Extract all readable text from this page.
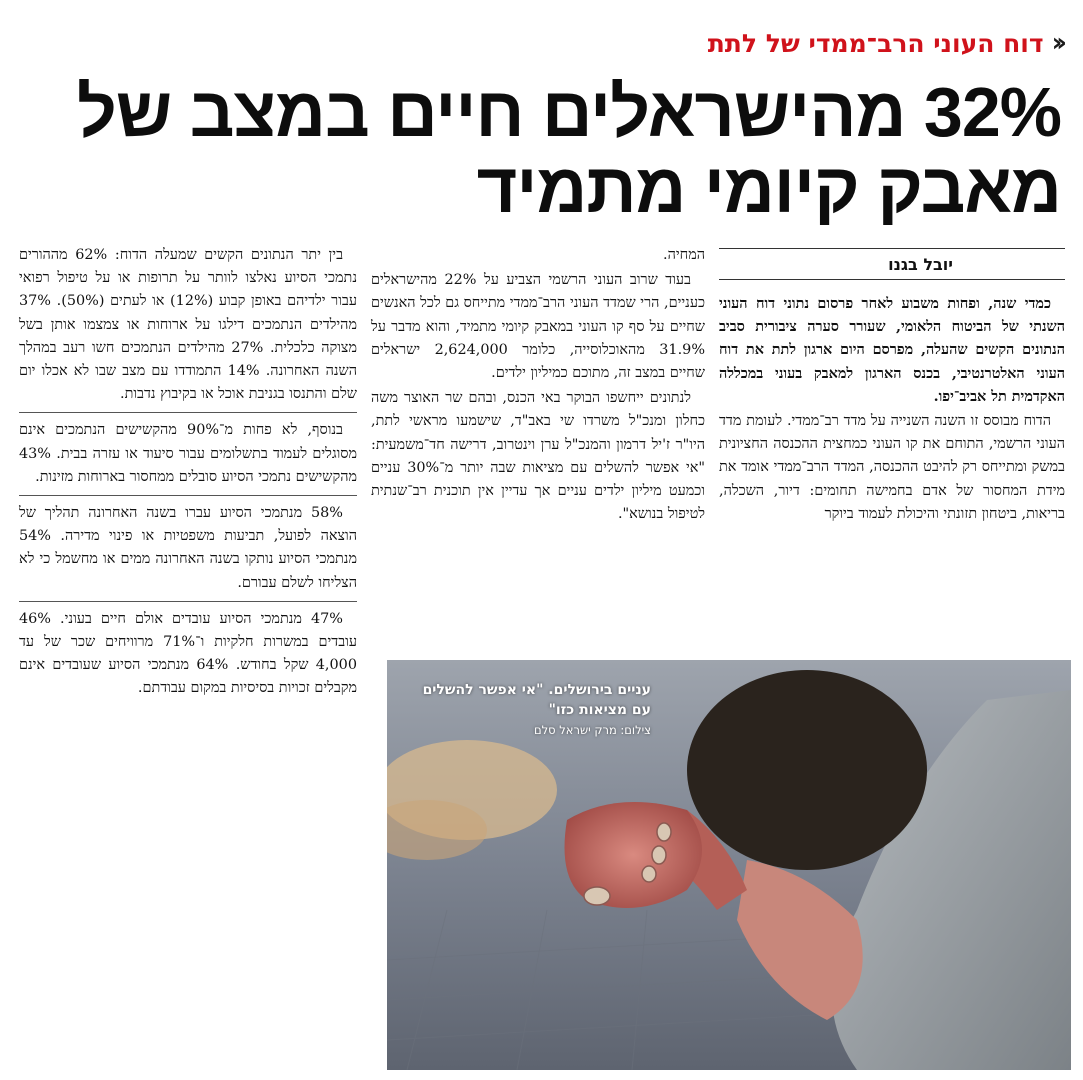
‹‹
דוח העוני הרב־ממדי של לתת
32% מהישראלים חיים במצב של
מאבק קיומי מתמיד
יובל בגנו

כמדי שנה, ופחות משבוע לאחר פרסום נתוני דוח העוני השנתי של הביטוח הלאומי, שעורר סערה ציבורית סביב הנתונים הקשים שהעלה, מפרסם היום ארגון לתת את דוח העוני האלטרנטיבי, בכנס הארגון למאבק בעוני במכללה האקדמית תל אביב־יפו.

הדוח מבוסס זו השנה השנייה על מדד רב־ממדי. לעומת מדד העוני הרשמי, התוחם את קו העוני כמחצית ההכנסה החציונית במשק ומתייחס רק להיבט ההכנסה, המדד הרב־ממדי אומד את מידת המחסור של אדם בחמישה תחומים: דיור, השכלה, בריאות, ביטחון תזונתי והיכולת לעמוד ביוקר

המחיה.

בעוד שרוב העוני הרשמי הצביע על 22% מהישראלים כעניים, הרי שמדד העוני הרב־ממדי מתייחס גם לכל האנשים שחיים על סף קו העוני במאבק קיומי מתמיד, והוא מדבר על 31.9% מהאוכלוסייה, כלומר 2,624,000 ישראלים שחיים במצב זה, מתוכם כמיליון ילדים.

לנתונים ייחשפו הבוקר באי הכנס, ובהם שר האוצר משה כחלון ומנכ"ל משרדו שי באב"ד, שישמעו מראשי לתת, היו"ר ז'יל דרמון והמנכ"ל ערן וינטרוב, דרישה חד־משמעית: "אי אפשר להשלים עם מציאות שבה יותר מ־30% עניים וכמעט מיליון ילדים עניים אך עדיין אין תוכנית רב־שנתית לטיפול בנושא".

בין יתר הנתונים הקשים שמעלה הדוח: 62% מההורים נתמכי הסיוע נאלצו לוותר על תרופות או על טיפול רפואי עבור ילדיהם באופן קבוע (12%) או לעתים (50%). 37% מהילדים הנתמכים דילגו על ארוחות או צמצמו אותן בשל מצוקה כלכלית. 27% מהילדים הנתמכים חשו רעב במהלך השנה האחרונה. 14% התמודדו עם מצב שבו לא אכלו יום שלם והתנסו בגניבת אוכל או בקיבוץ נדבות.

בנוסף, לא פחות מ־90% מהקשישים הנתמכים אינם מסוגלים לעמוד בתשלומים עבור סיעוד או עזרה בבית. 43% מהקשישים נתמכי הסיוע סובלים ממחסור בארוחות מזינות.

58% מנתמכי הסיוע עברו בשנה האחרונה תהליך של הוצאה לפועל, תביעות משפטיות או פינוי מדירה. 54% מנתמכי הסיוע נותקו בשנה האחרונה ממים או מחשמל כי לא הצליחו לשלם עבורם.

47% מנתמכי הסיוע עובדים אולם חיים בעוני. 46% עובדים במשרות חלקיות ו־71% מרוויחים שכר של עד 4,000 שקל בחודש. 64% מנתמכי הסיוע שעובדים אינם מקבלים זכויות בסיסיות במקום עבודתם.	עניים בירושלים. "אי אפשר להשלים עם מציאות כזו"
צילום: מרק ישראל סלם
